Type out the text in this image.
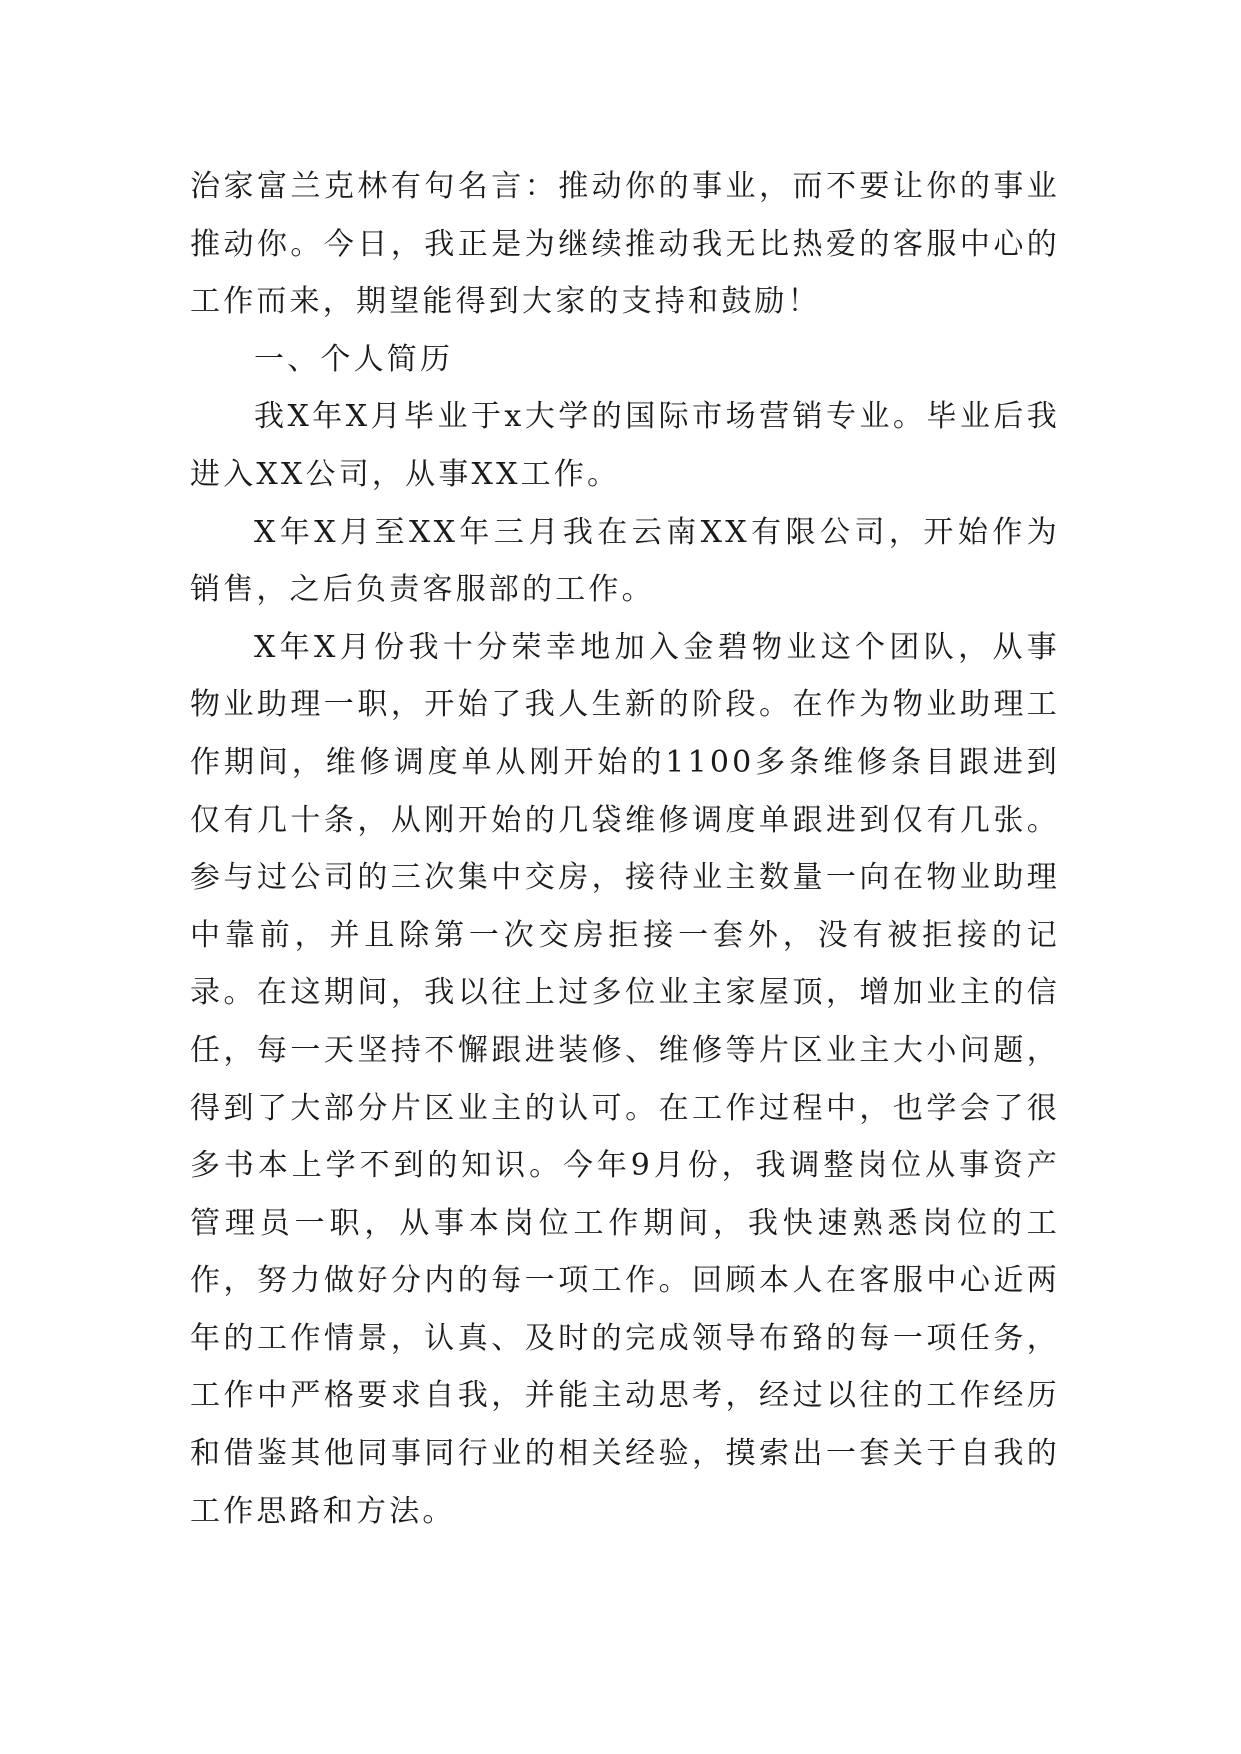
治家富兰克林有句名言：推动你的事业，而不要让你的事业推动你。今日，我正是为继续推动我无比热爱的客服中心的工作而来，期望能得到大家的支持和鼓励！

一、个人简历

我X年X月毕业于x大学的国际市场营销专业。毕业后我进入XX公司，从事XX工作。

X年X月至XX年三月我在云南XX有限公司，开始作为销售，之后负责客服部的工作。

X年X月份我十分荣幸地加入金碧物业这个团队，从事物业助理一职，开始了我人生新的阶段。在作为物业助理工作期间，维修调度单从刚开始的1100多条维修条目跟进到仅有几十条，从刚开始的几袋维修调度单跟进到仅有几张。参与过公司的三次集中交房，接待业主数量一向在物业助理中靠前，并且除第一次交房拒接一套外，没有被拒接的记录。在这期间，我以往上过多位业主家屋顶，增加业主的信任，每一天坚持不懈跟进装修、维修等片区业主大小问题，得到了大部分片区业主的认可。在工作过程中，也学会了很多书本上学不到的知识。今年9月份，我调整岗位从事资产管理员一职，从事本岗位工作期间，我快速熟悉岗位的工作，努力做好分内的每一项工作。回顾本人在客服中心近两年的工作情景，认真、及时的完成领导布臵的每一项任务，工作中严格要求自我，并能主动思考，经过以往的工作经历和借鉴其他同事同行业的相关经验，摸索出一套关于自我的工作思路和方法。
